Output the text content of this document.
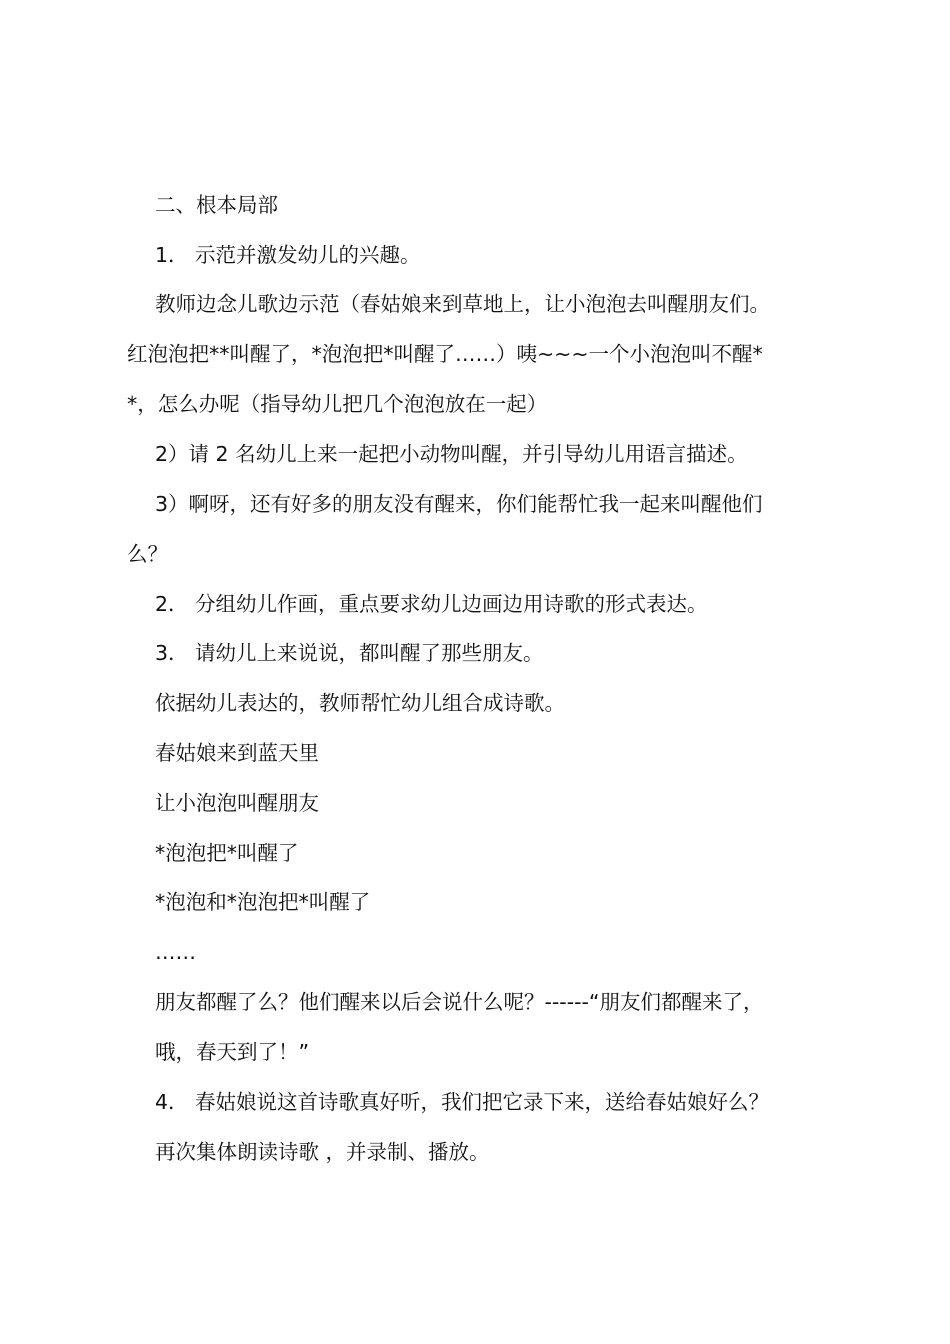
二、根本局部
1． 示范并激发幼儿的兴趣。
教师边念儿歌边示范（春姑娘来到草地上，让小泡泡去叫醒朋友们。
红泡泡把**叫醒了，*泡泡把*叫醒了……）咦~~~一个小泡泡叫不醒*
*，怎么办呢（指导幼儿把几个泡泡放在一起）
2）请 2 名幼儿上来一起把小动物叫醒，并引导幼儿用语言描述。
3）啊呀，还有好多的朋友没有醒来，你们能帮忙我一起来叫醒他们
么？
2． 分组幼儿作画，重点要求幼儿边画边用诗歌的形式表达。
3． 请幼儿上来说说，都叫醒了那些朋友。
依据幼儿表达的，教师帮忙幼儿组合成诗歌。
春姑娘来到蓝天里
让小泡泡叫醒朋友
*泡泡把*叫醒了
*泡泡和*泡泡把*叫醒了
……
朋友都醒了么？他们醒来以后会说什么呢？------“朋友们都醒来了，
哦，春天到了！”
4． 春姑娘说这首诗歌真好听，我们把它录下来，送给春姑娘好么？
再次集体朗读诗歌 ，并录制、播放。
